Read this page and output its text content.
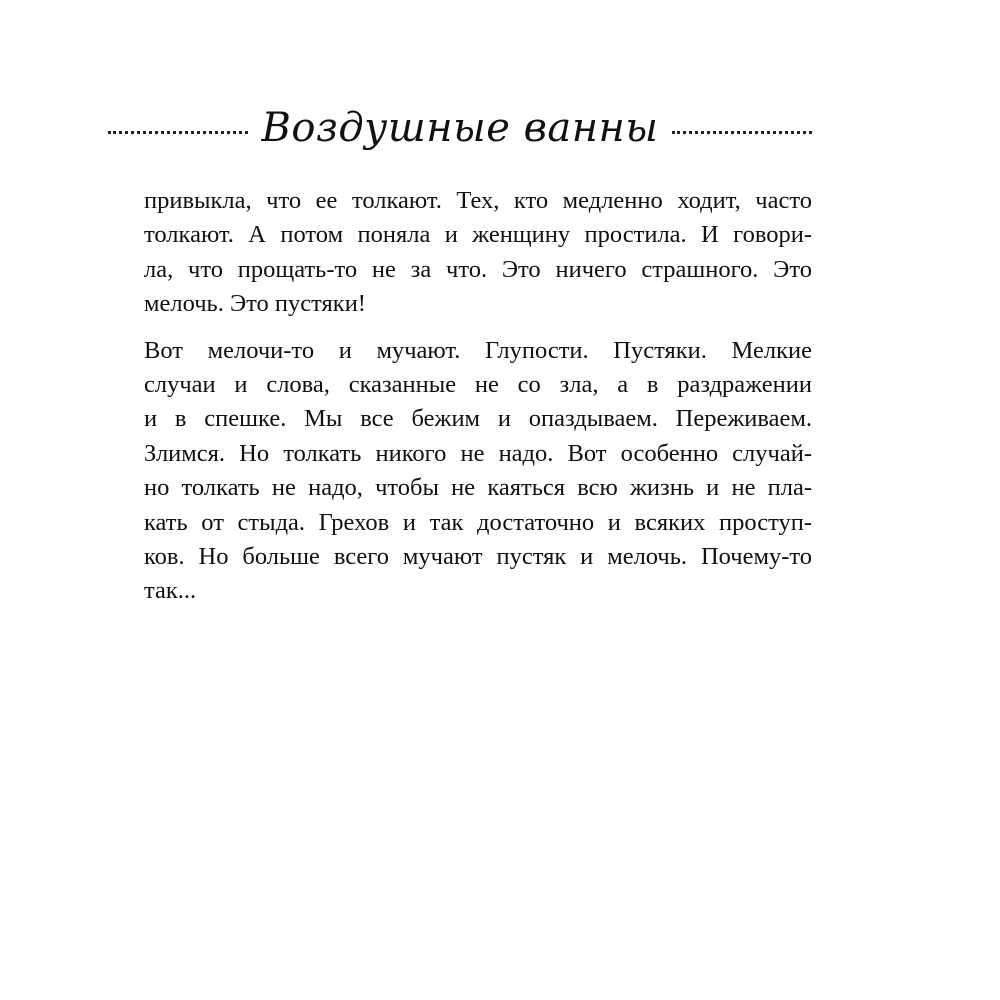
Воздушные ванны

привыкла, что ее толкают. Тех, кто медленно ходит, часто
толкают. А потом поняла и женщину простила. И говори-
ла, что прощать-то не за что. Это ничего страшного. Это
мелочь. Это пустяки!

Вот мелочи-то и мучают. Глупости. Пустяки. Мелкие
случаи и слова, сказанные не со зла, а в раздражении
и в спешке. Мы все бежим и опаздываем. Переживаем.
Злимся. Но толкать никого не надо. Вот особенно случай-
но толкать не надо, чтобы не каяться всю жизнь и не пла-
кать от стыда. Грехов и так достаточно и всяких проступ-
ков. Но больше всего мучают пустяк и мелочь. Почему-то
так...
